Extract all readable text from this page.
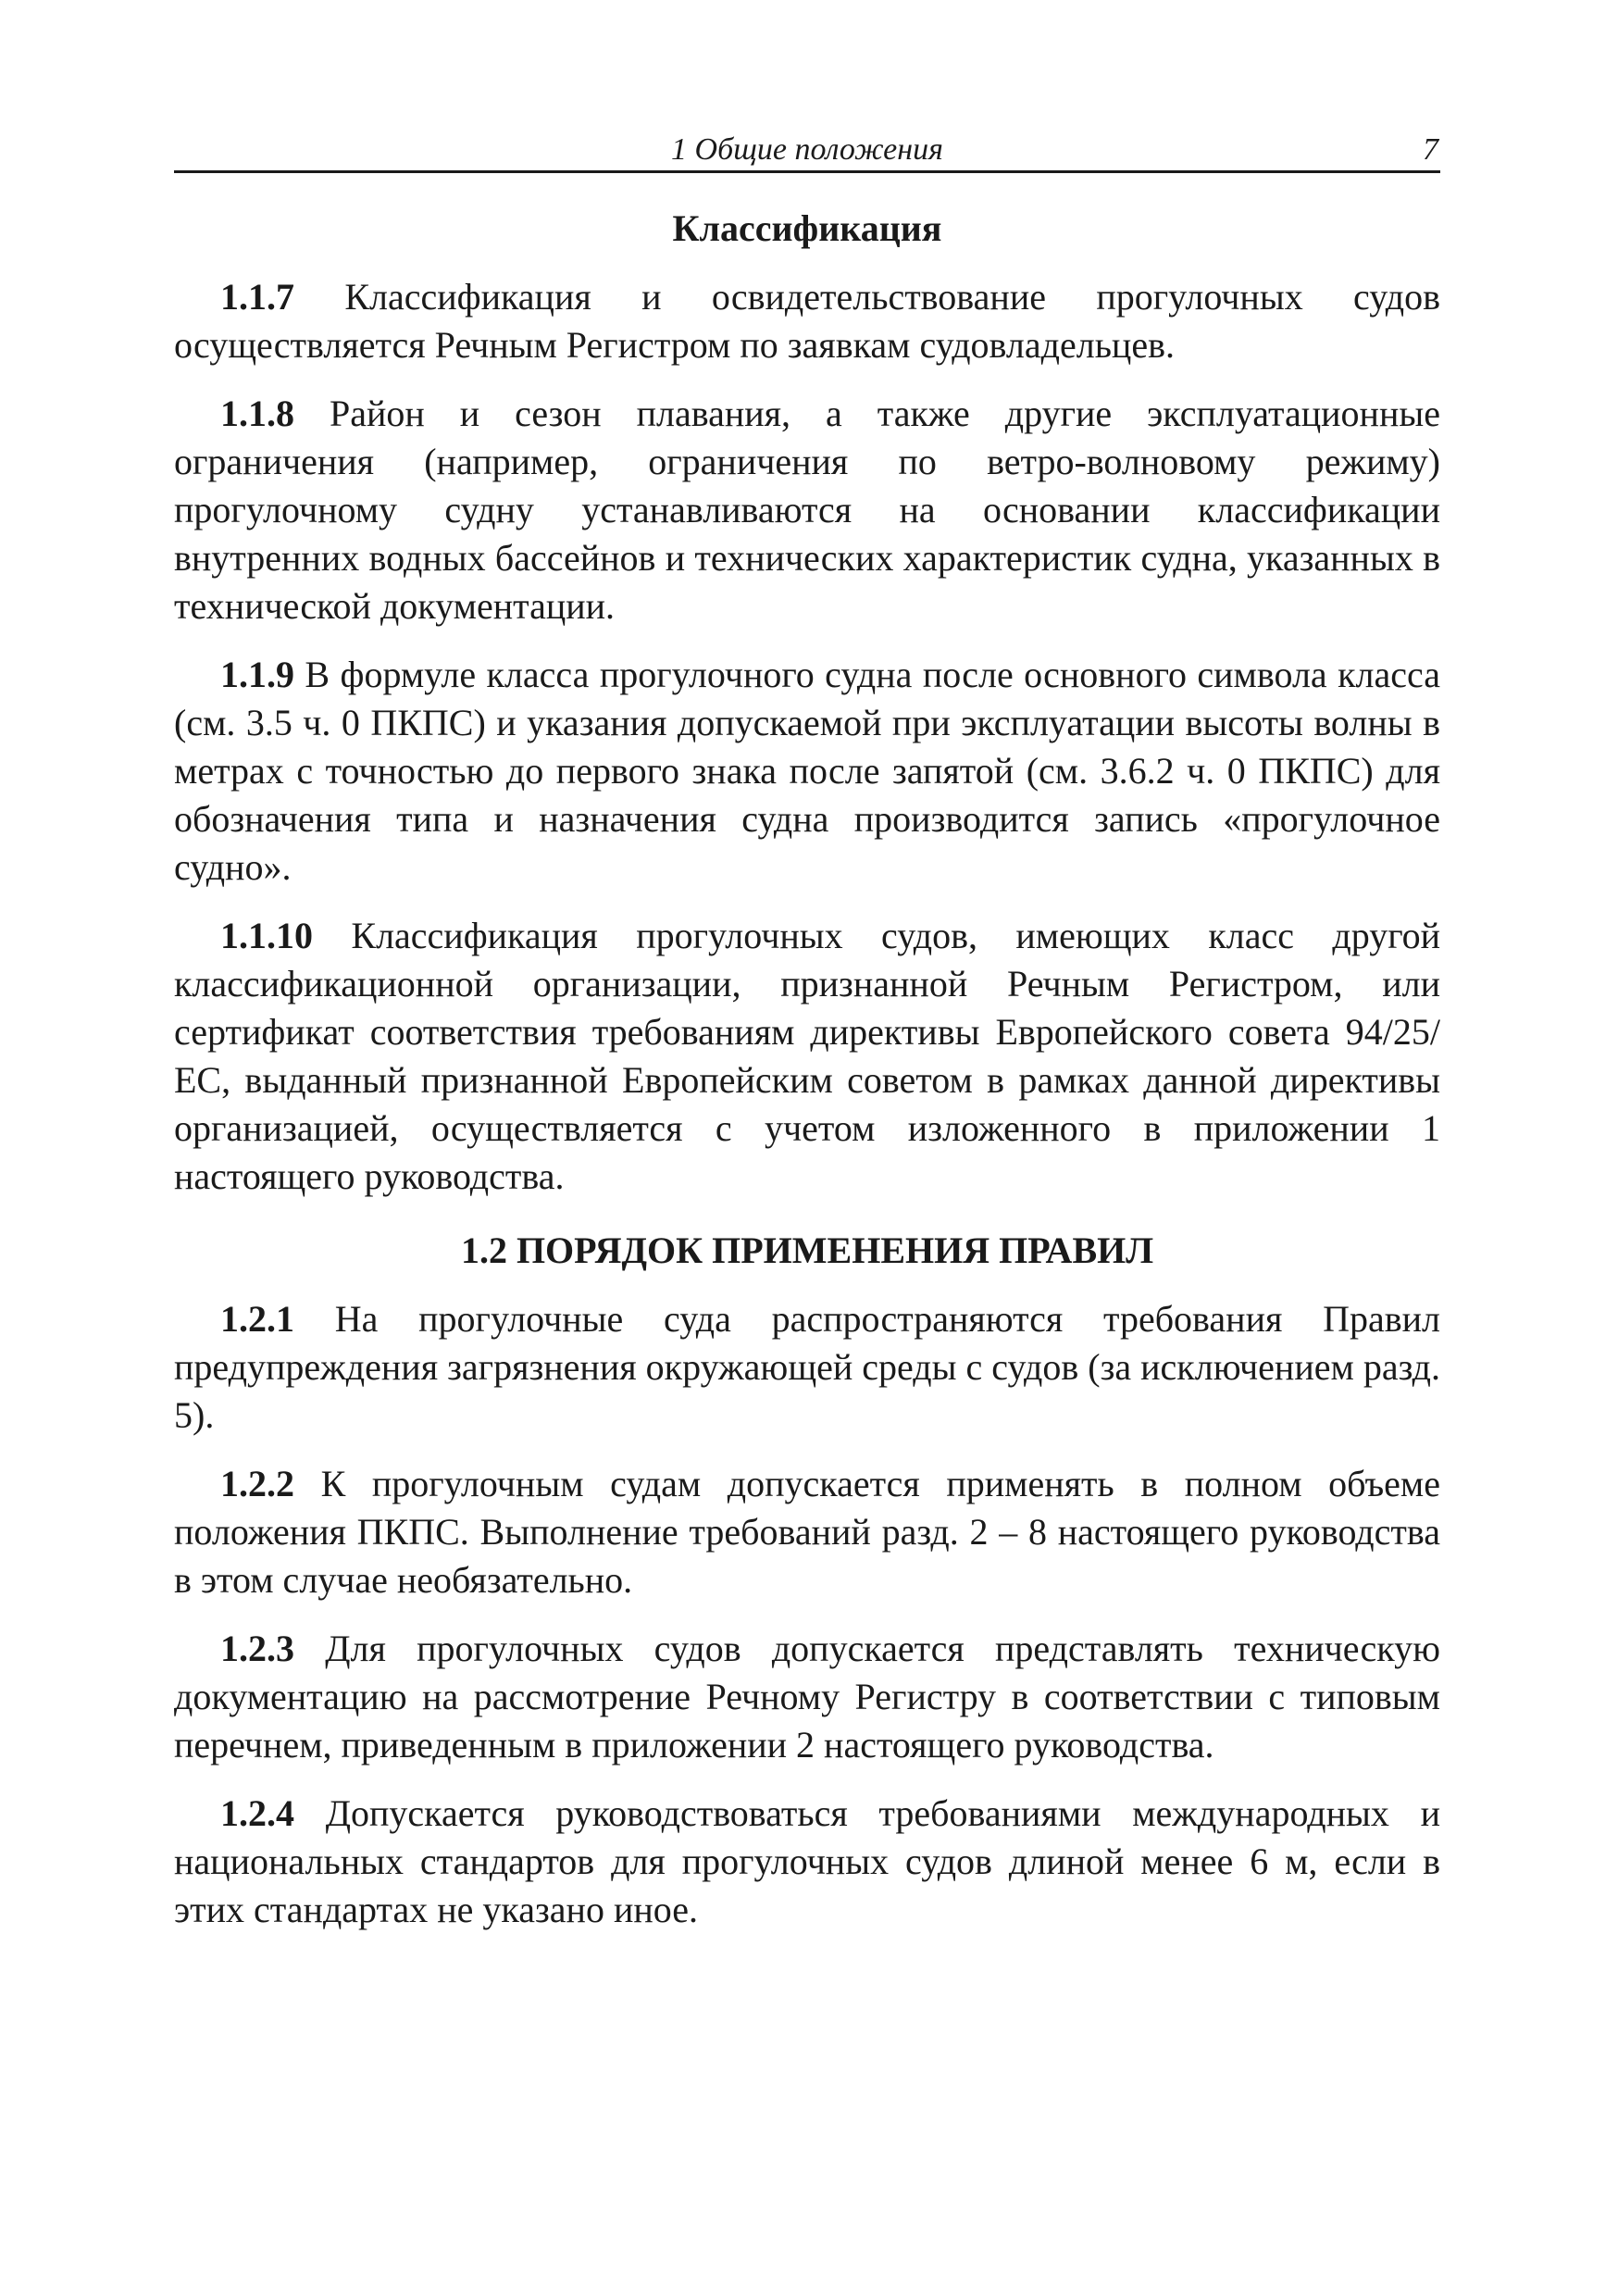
1 Общие положения	7
Классификация

1.1.7 Классификация и освидетельствование прогулочных судов осуществляется Речным Регистром по заявкам судовладельцев.

1.1.8 Район и сезон плавания, а также другие эксплуатационные ограничения (например, ограничения по ветро-волновому режиму) прогулочному судну устанавливаются на основании классификации внутренних водных бассейнов и технических характеристик судна, указанных в технической документации.

1.1.9 В формуле класса прогулочного судна после основного символа класса (см. 3.5 ч. 0 ПКПС) и указания допускаемой при эксплуатации высоты волны в метрах с точностью до первого знака после запятой (см. 3.6.2 ч. 0 ПКПС) для обозначения типа и назначения судна производится запись «прогулочное судно».

1.1.10 Классификация прогулочных судов, имеющих класс другой классификационной организации, признанной Речным Регистром, или сертификат соответствия требованиям директивы Европейского совета 94/25/ЕС, выданный признанной Европейским советом в рамках данной директивы организацией, осуществляется с учетом изложенного в приложении 1 настоящего руководства.

1.2 ПОРЯДОК ПРИМЕНЕНИЯ ПРАВИЛ

1.2.1 На прогулочные суда распространяются требования Правил предупреждения загрязнения окружающей среды с судов (за исключением разд. 5).

1.2.2 К прогулочным судам допускается применять в полном объеме положения ПКПС. Выполнение требований разд. 2 – 8 настоящего руководства в этом случае необязательно.

1.2.3 Для прогулочных судов допускается представлять техническую документацию на рассмотрение Речному Регистру в соответствии с типовым перечнем, приведенным в приложении 2 настоящего руководства.

1.2.4 Допускается руководствоваться требованиями международных и национальных стандартов для прогулочных судов длиной менее 6 м, если в этих стандартах не указано иное.
